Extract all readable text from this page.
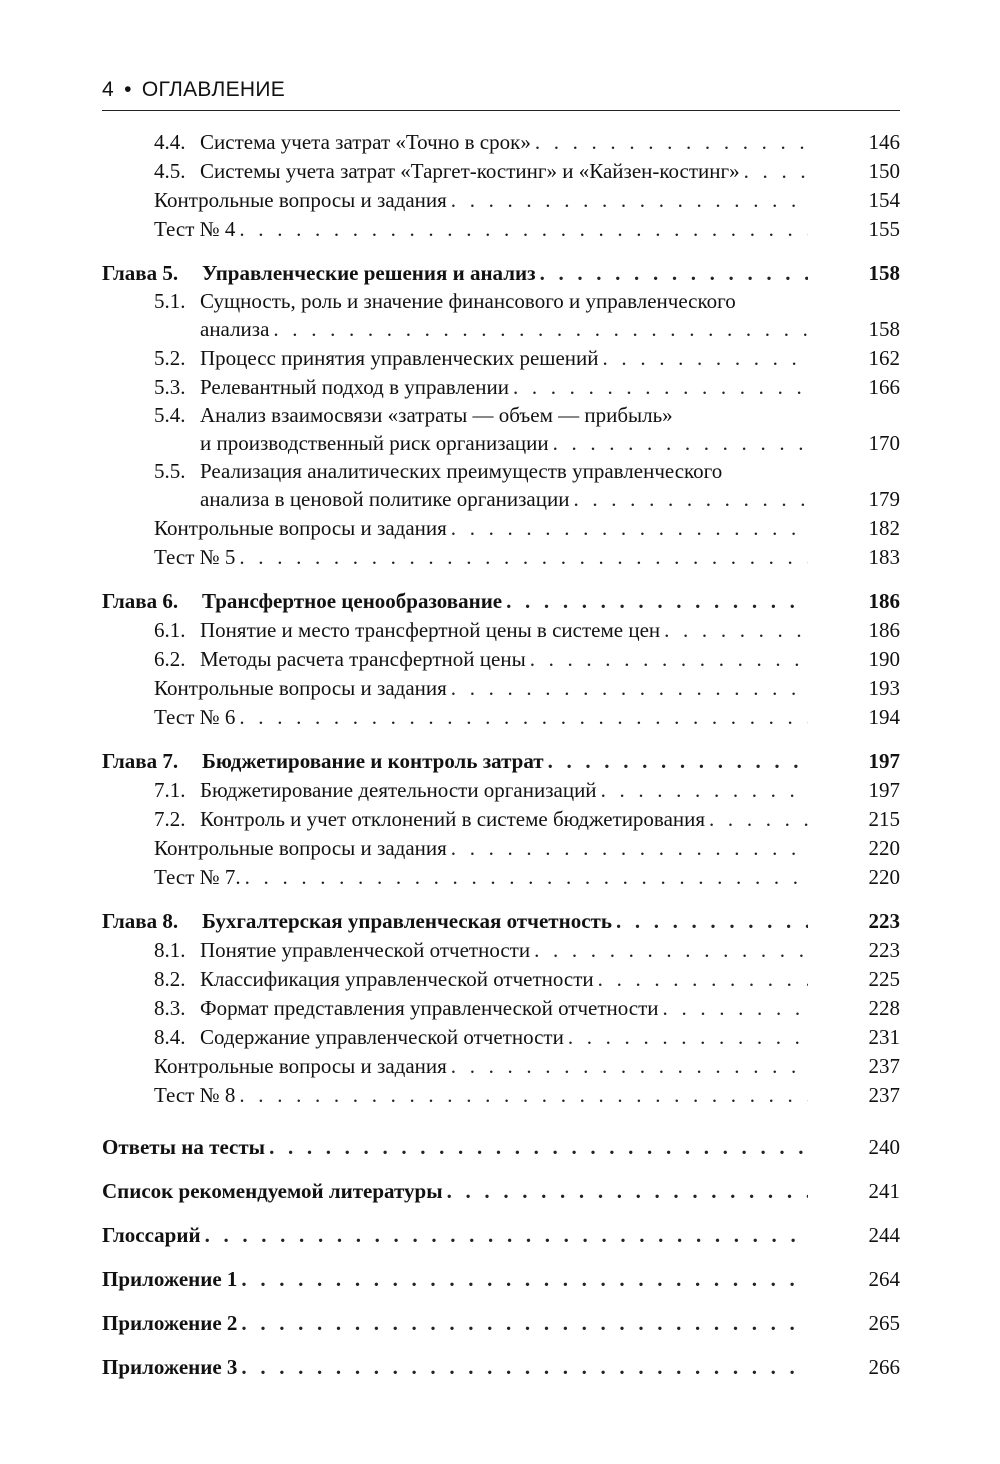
4 • ОГЛАВЛЕНИЕ
4.4. Система учета затрат «Точно в срок» . . .	146
4.5. Системы учета затрат «Таргет-костинг» и «Кайзен-костинг» . . .	150
Контрольные вопросы и задания . . .	154
Тест № 4 . . .	155
Глава 5. Управленческие решения и анализ . . .	158
5.1. Сущность, роль и значение финансового и управленческого
анализа . . .	158
5.2. Процесс принятия управленческих решений . . .	162
5.3. Релевантный подход в управлении . . .	166
5.4. Анализ взаимосвязи «затраты — объем — прибыль»
и производственный риск организации . . .	170
5.5. Реализация аналитических преимуществ управленческого
анализа в ценовой политике организации . . .	179
Контрольные вопросы и задания . . .	182
Тест № 5 . . .	183
Глава 6. Трансфертное ценообразование . . .	186
6.1. Понятие и место трансфертной цены в системе цен . . .	186
6.2. Методы расчета трансфертной цены . . .	190
Контрольные вопросы и задания . . .	193
Тест № 6 . . .	194
Глава 7. Бюджетирование и контроль затрат . . .	197
7.1. Бюджетирование деятельности организаций . . .	197
7.2. Контроль и учет отклонений в системе бюджетирования . . .	215
Контрольные вопросы и задания . . .	220
Тест № 7. . . .	220
Глава 8. Бухгалтерская управленческая отчетность . . .	223
8.1. Понятие управленческой отчетности . . .	223
8.2. Классификация управленческой отчетности . . .	225
8.3. Формат представления управленческой отчетности . . .	228
8.4. Содержание управленческой отчетности . . .	231
Контрольные вопросы и задания . . .	237
Тест № 8 . . .	237
Ответы на тесты . . .	240
Список рекомендуемой литературы . . .	241
Глоссарий . . .	244
Приложение 1 . . .	264
Приложение 2 . . .	265
Приложение 3 . . .	266
